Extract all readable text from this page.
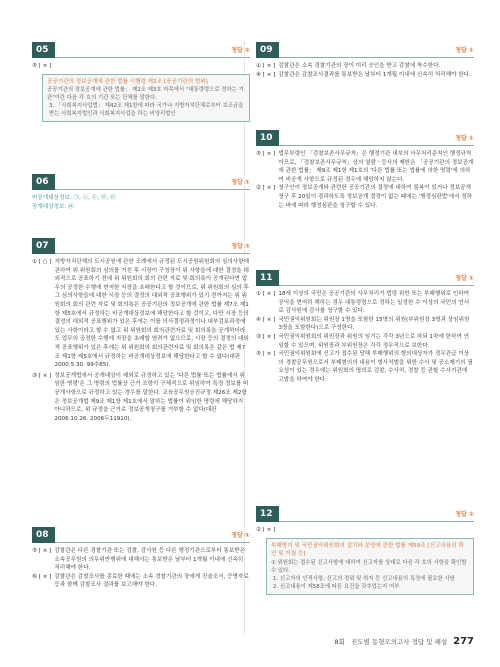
05	정답 ②
⑤ [ × ]
공공기관의 정보공개에 관한 법률 시행령 제2조 [공공기관의 범위]
공공기관의 정보공개에 관한 법률」 제2조 제3호 마목에서 "대통령령으로 정하는 기관"이란 다음 각 호의 기관 또는 단체를 말한다.
3. 「사회복지사업법」 제42조 제1항에 따라 국가나 지방자치단체로부터 보조금을 받는 사회복지법인과 사회복지사업을 하는 비영리법인
06	정답 ①
비공개대상정보: ㉠, ㉡, ㉢, ㉣, ㉤
공개대상정보: ㉥
07	정답 ③
① [ ○ ] 지방자치단체의 도시공원에 관한 조례에서 규정된 도시공원위원회의 심의사항에 관하여 위 위원회의 심의를 거친 후 시장이 구청장이 위 사항들에 대한 결정을 대외적으로 공표하기 전에 위 위원회의 회의 관련 자료 및 회의록이 공개된다면 업무의 공정한 수행에 현저한 지장을 초래한다고 할 것이므로, 위 위원회의 심의 후 그 심의사항들에 대한 시장 등의 결정의 대외적 공표행위가 있기 전까지는 위 위원회의 회의 관련 자료 및 회의록은 공공기관의 정보공개에 관한 법률 제7조 제1항 제5호에서 규정하는 비공개대상정보에 해당한다고 할 것이고, 다만 시장 등의 결정의 대외적 공표행위가 있은 후에는 이를 의사결정과정이나 내부검토과정에 있는 사항이라고 할 수 없고 위 위원회의 회의관련자료 및 회의록을 공개하더라도 업무의 공정한 수행에 지장을 초래할 염려가 없으므로, 시장 등의 결정의 대외적 공표행위가 있은 후에는 위 위원회의 회의관련자료 및 회의록은 같은 법 제7조 제1항 제5호에서 규정하는 비공개대상정보에 해당한다고 할 수 없다(대판 2000.5.30. 99추85).
③ [ × ] 정보공개법에서 공개대상이 예외로 규정하고 있는 '다른 법률 또는 법률에서 위임한 명령'은 그 명령의 법률상 근거 조항이 구체적으로 위임하여 특정 정보를 비공개사항으로 규정하고 있는 경우를 말한다. 교육공무원승진규정 제26조 제2항은 정보공개법 제9조 제1항 제1호에서 말하는 법률이 위임한 명령에 해당하지 아니하므로, 위 규정을 근거로 정보공개청구를 거부할 수 없다(대판 2006.10.26. 2006두11910).
08	정답 ①
⑤ [ × ] 감찰관은 다른 경찰기관 또는 검찰, 감사원 등 다른 행정기관으로부터 통보받은 소속공무원의 의무위반행위에 대해서는 통보받은 날부터 1개월 이내에 신속히 처리해야 한다.
⑥ [ × ] 감찰관은 감찰조사를 종료한 때에는 소속 경찰기관의 장에게 진술조서, 증명자료 등과 함께 감찰조사 결과를 보고해야 한다.
09	정답 ①
① [ × ] 감찰관은 소속 경찰기관의 장이 미리 승인을 받고 감찰에 착수한다.
④ [ × ] 감찰관은 감찰조사결과를 통보받은 날부터 1개월 이내에 신속히 처리해야 한다.
10	정답 ①
⑤ [ × ] 법무부령인 「검찰보존사무규칙」은 행정기관 내부의 사무처리준칙인 행정규칙이므로, 「검찰보존사무규칙」상의 열람ㆍ등사의 제한은 「공공기관의 정보공개에 관한 법률」 제9조 제1항 제1호의 '다른 법률 또는 법률에 의한 명령'에 의하여 비공개 사항으로 규정된 경우에 해당하지 않는다.
② [ × ] 청구인이 정보공개와 관련한 공공기관의 결정에 대하여 불복이 있거나 정보공개청구 후 20일이 경과하도록 정보공개 결정이 없는 때에는 '행정심판법'에서 정하는 바에 따라 행정심판을 청구할 수 있다.
11	정답 ①
① [ × ] 18세 이상의 국민은 공공기관의 사무처리가 법령 위반 또는 부패행위로 인하여 공익을 현저히 해하는 경우 대통령령으로 정하는 일정한 수 이상의 국민의 연서로 감사원에 감사를 청구할 수 있다.
④ [ × ] 국민권익위원회는 위원장 1명을 포함한 15명의 위원(부위원장 3명과 상임위원 3명을 포함한다)으로 구성한다.
③ [ × ] 국민권익위원회의 위원장과 위원의 임기는 각각 3년으로 하되 1차에 한하여 연임할 수 있으며, 위원장과 부위원장은 각각 정무직으로 보한다.
⑤ [ × ] 국민권익위원회에 신고가 접수된 당해 부패행위의 혐의대상자가 경무관급 이상의 경찰공무원으로서 부패혐의의 내용이 형사처벌을 위한 수사 및 공소제기의 필요성이 있는 경우에는 위원회의 명의로 검찰, 수사처, 경찰 등 관할 수사기관에 고발을 하여야 한다.
12	정답 ②
② [ × ]
부패방지 및 국민권익위원회의 설치와 운영에 관한 법률 제59조 [신고내용의 확인 및 이첩 등]
① 위원회는 접수된 신고사항에 대하여 신고자를 상대로 다음 각 호의 사항을 확인할 수 있다.
1. 신고자의 인적사항, 신고의 경위 및 취지 등 신고내용의 특정에 필요한 사항
2. 신고내용이 제58조에 따른 요건을 갖추었는지 여부
8회 진도별 동형모의고사 정답 및 해설 277
